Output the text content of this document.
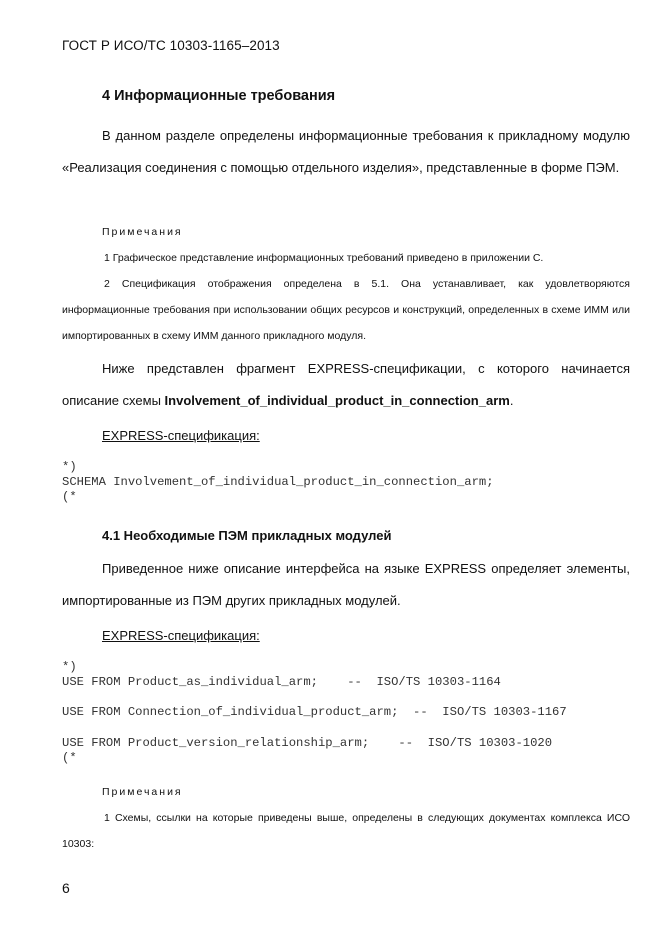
ГОСТ Р ИСО/ТС 10303-1165–2013
4 Информационные требования

В данном разделе определены информационные требования к прикладному модулю «Реализация соединения с помощью отдельного изделия», представленные в форме ПЭМ.

Примечания

1 Графическое представление информационных требований приведено в приложении С.

2 Спецификация отображения определена в 5.1. Она устанавливает, как удовлетворяются информационные требования при использовании общих ресурсов и конструкций, определенных в схеме ИММ или импортированных в схему ИММ данного прикладного модуля.

Ниже представлен фрагмент EXPRESS-спецификации, с которого начинается описание схемы Involvement_of_individual_product_in_connection_arm.

EXPRESS-спецификация:
*)
SCHEMA Involvement_of_individual_product_in_connection_arm;
(*
4.1 Необходимые ПЭМ прикладных модулей

Приведенное ниже описание интерфейса на языке EXPRESS определяет элементы, импортированные из ПЭМ других прикладных модулей.

EXPRESS-спецификация:
*)
USE FROM Product_as_individual_arm;    --  ISO/TS 10303-1164
USE FROM Connection_of_individual_product_arm;  --  ISO/TS 10303-1167
USE FROM Product_version_relationship_arm;    --  ISO/TS 10303-1020
(*
Примечания

1 Схемы, ссылки на которые приведены выше, определены в следующих документах комплекса ИСО 10303:

6
